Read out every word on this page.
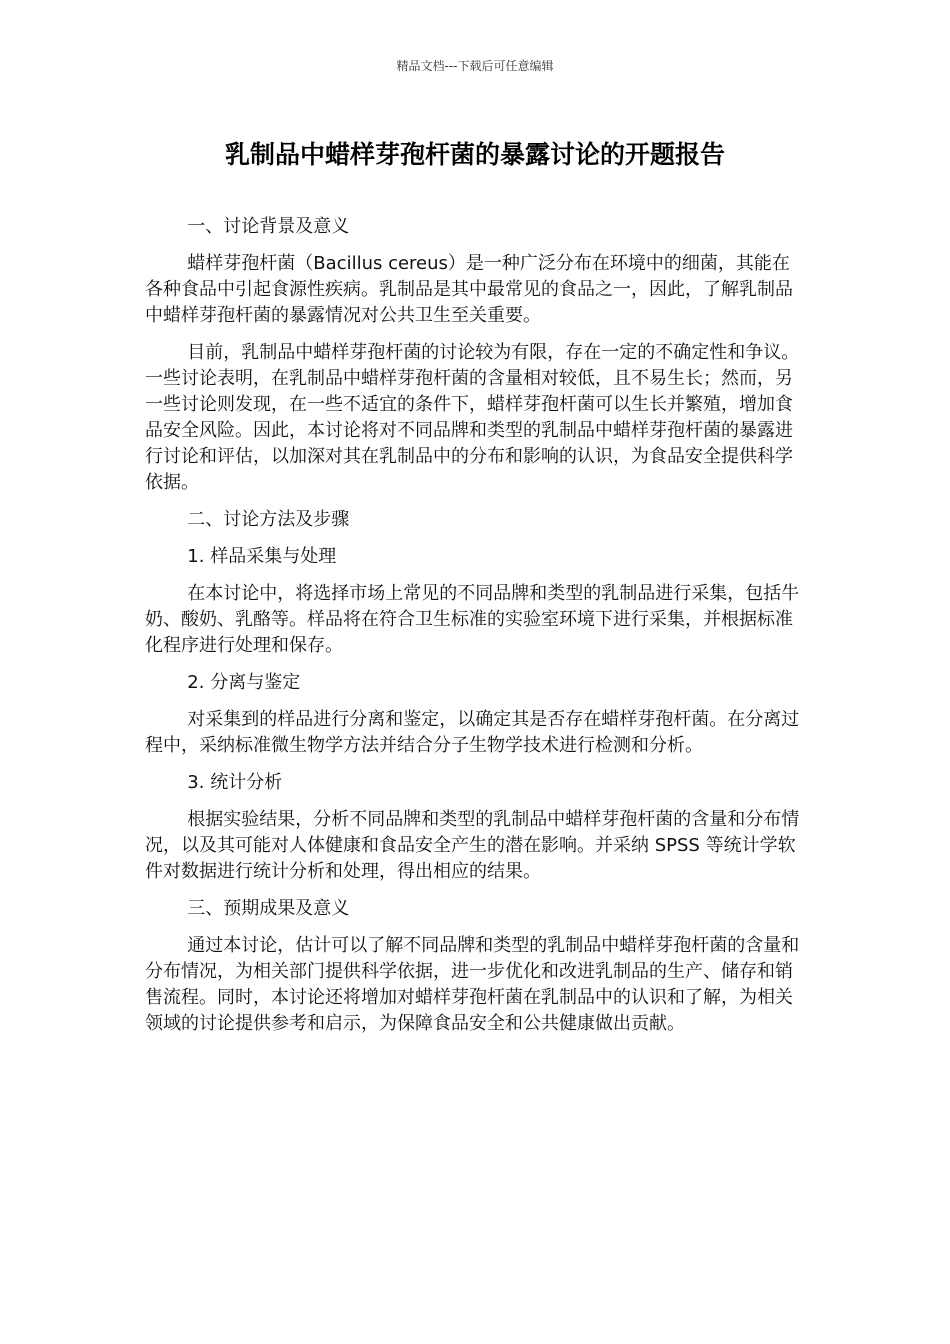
精品文档---下载后可任意编辑
乳制品中蜡样芽孢杆菌的暴露讨论的开题报告

一、讨论背景及意义

蜡样芽孢杆菌（Bacillus cereus）是一种广泛分布在环境中的细菌，其能在各种食品中引起食源性疾病。乳制品是其中最常见的食品之一，因此，了解乳制品中蜡样芽孢杆菌的暴露情况对公共卫生至关重要。

目前，乳制品中蜡样芽孢杆菌的讨论较为有限，存在一定的不确定性和争议。一些讨论表明，在乳制品中蜡样芽孢杆菌的含量相对较低，且不易生长；然而，另一些讨论则发现，在一些不适宜的条件下，蜡样芽孢杆菌可以生长并繁殖，增加食品安全风险。因此，本讨论将对不同品牌和类型的乳制品中蜡样芽孢杆菌的暴露进行讨论和评估，以加深对其在乳制品中的分布和影响的认识，为食品安全提供科学依据。

二、讨论方法及步骤

1. 样品采集与处理

在本讨论中，将选择市场上常见的不同品牌和类型的乳制品进行采集，包括牛奶、酸奶、乳酪等。样品将在符合卫生标准的实验室环境下进行采集，并根据标准化程序进行处理和保存。

2. 分离与鉴定

对采集到的样品进行分离和鉴定，以确定其是否存在蜡样芽孢杆菌。在分离过程中，采纳标准微生物学方法并结合分子生物学技术进行检测和分析。

3. 统计分析

根据实验结果，分析不同品牌和类型的乳制品中蜡样芽孢杆菌的含量和分布情况，以及其可能对人体健康和食品安全产生的潜在影响。并采纳 SPSS 等统计学软件对数据进行统计分析和处理，得出相应的结果。

三、预期成果及意义

通过本讨论，估计可以了解不同品牌和类型的乳制品中蜡样芽孢杆菌的含量和分布情况，为相关部门提供科学依据，进一步优化和改进乳制品的生产、储存和销售流程。同时，本讨论还将增加对蜡样芽孢杆菌在乳制品中的认识和了解，为相关领域的讨论提供参考和启示，为保障食品安全和公共健康做出贡献。
